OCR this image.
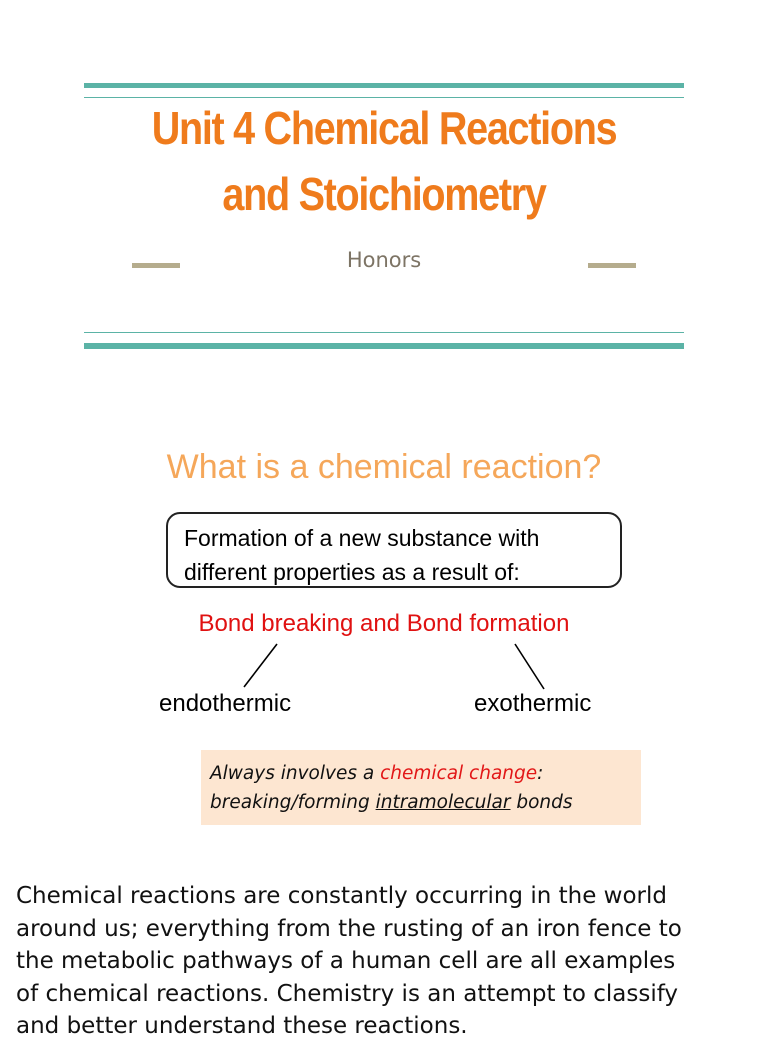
Unit 4 Chemical Reactions
and Stoichiometry
Honors
What is a chemical reaction?
Formation of a new substance with
different properties as a result of:
Bond breaking and Bond formation
endothermic	exothermic
Always involves a chemical change:
breaking/forming intramolecular bonds
Chemical reactions are constantly occurring in the world
around us; everything from the rusting of an iron fence to
the metabolic pathways of a human cell are all examples
of chemical reactions. Chemistry is an attempt to classify
and better understand these reactions.
